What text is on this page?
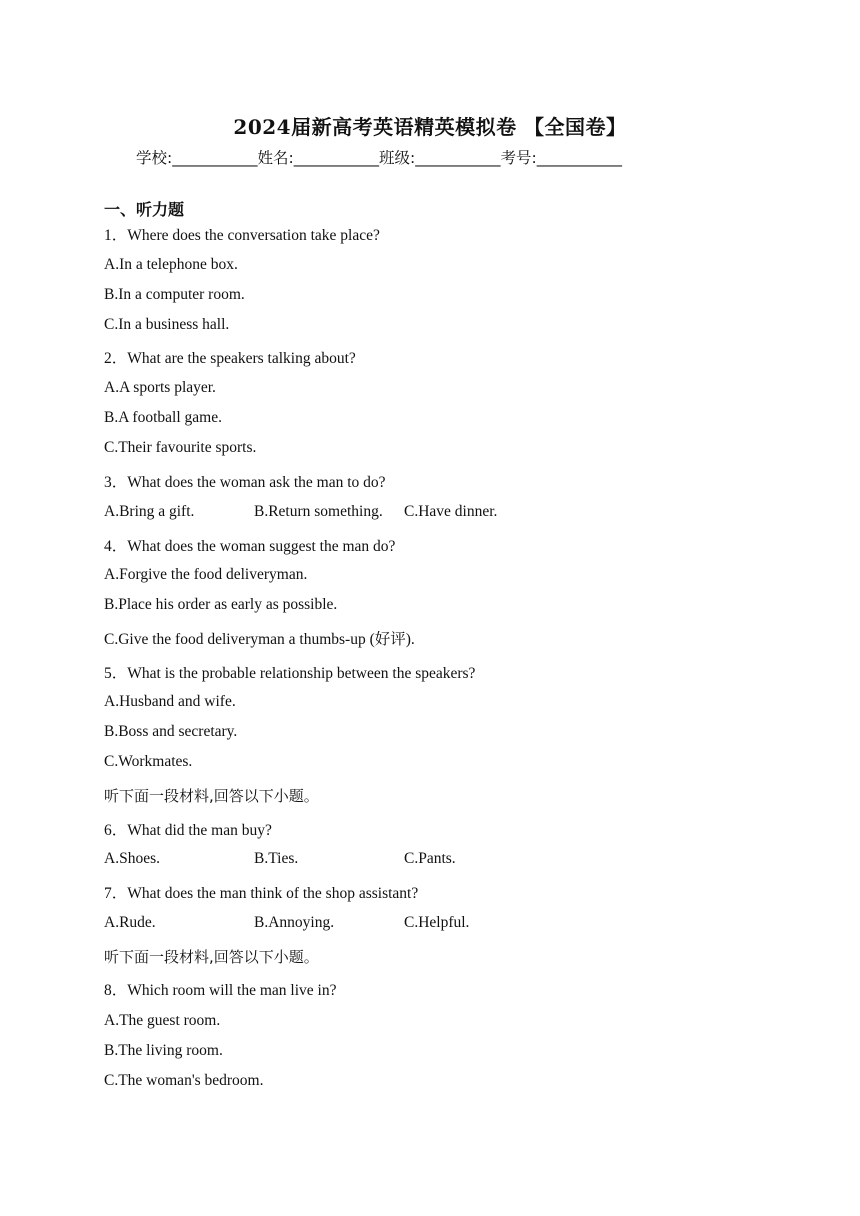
2024届新高考英语精英模拟卷 【全国卷】
学校:___________姓名:___________班级:___________考号:___________
一、听力题
1．Where does the conversation take place?
A.In a telephone box.
B.In a computer room.
C.In a business hall.
2．What are the speakers talking about?
A.A sports player.
B.A football game.
C.Their favourite sports.
3．What does the woman ask the man to do?
A.Bring a gift.	B.Return something. C.Have dinner.
4．What does the woman suggest the man do?
A.Forgive the food deliveryman.
B.Place his order as early as possible.
C.Give the food deliveryman a thumbs-up (好评).
5．What is the probable relationship between the speakers?
A.Husband and wife.
B.Boss and secretary.
C.Workmates.
听下面一段材料,回答以下小题。
6．What did the man buy?
A.Shoes.	B.Ties.	C.Pants.
7．What does the man think of the shop assistant?
A.Rude.	B.Annoying.	C.Helpful.
听下面一段材料,回答以下小题。
8．Which room will the man live in?
A.The guest room.
B.The living room.
C.The woman's bedroom.
